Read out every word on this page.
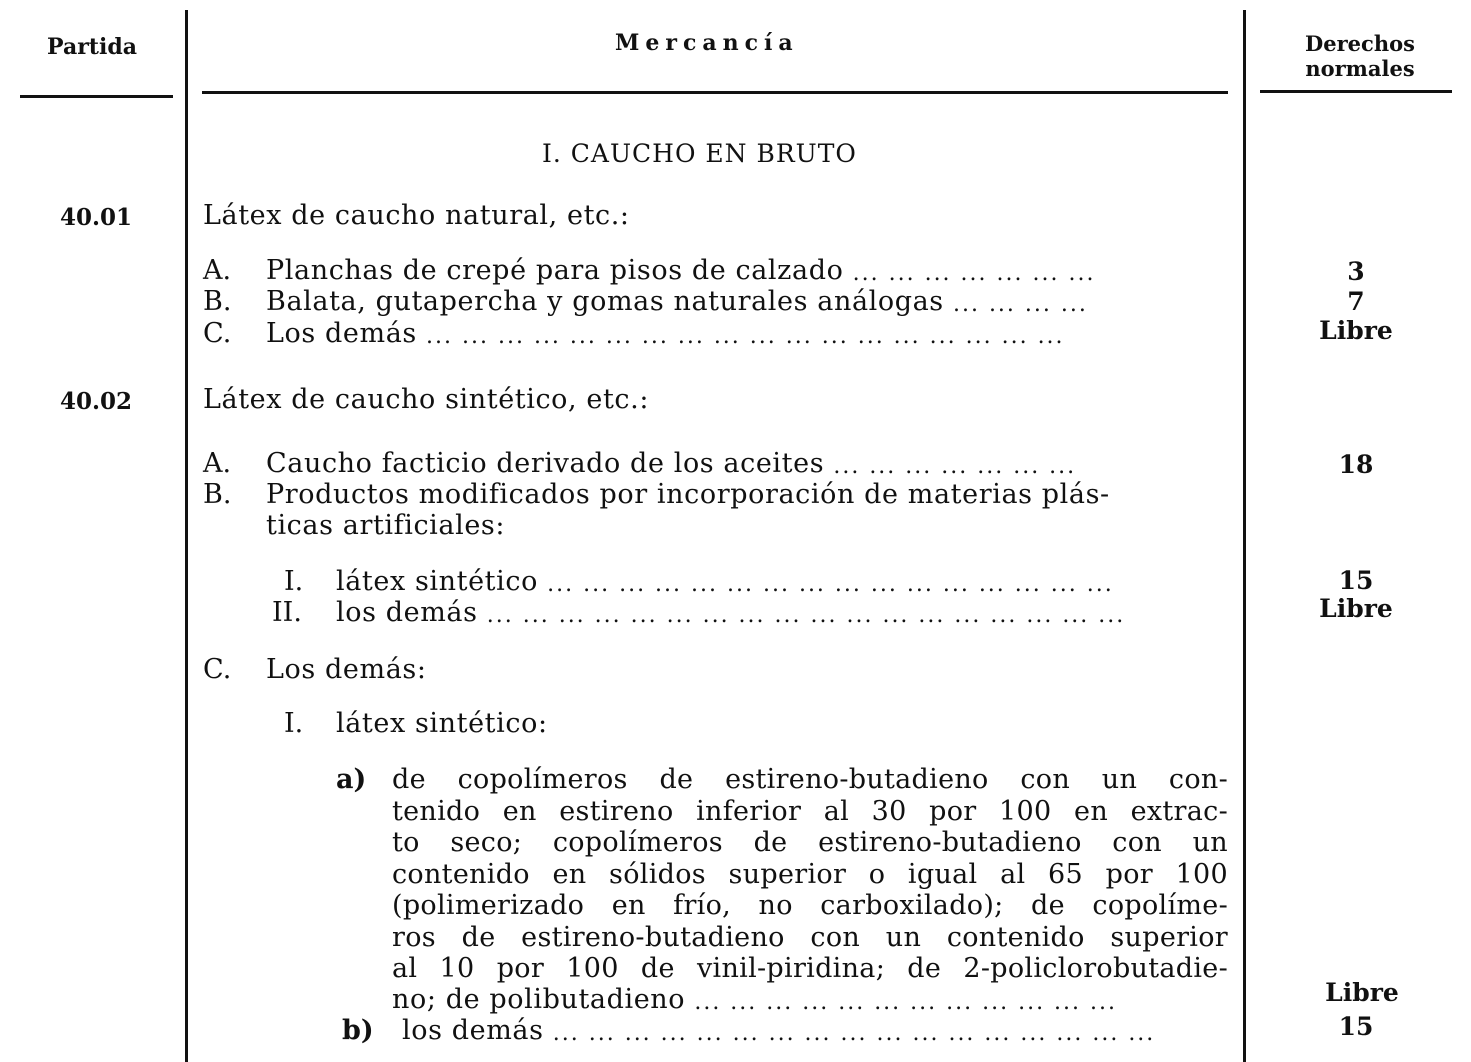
Partida	Mercancía	Derechos
normales
I. CAUCHO EN BRUTO
40.01	Látex de caucho natural, etc.:
A. Planchas de crepé para pisos de calzado ... ... ... ... ... ... ...	3
B. Balata, gutapercha y gomas naturales análogas ... ... ... ...	7
C. Los demás ... ... ... ... ... ... ... ... ... ... ... ... ... ... ... ... ... ...	Libre
40.02	Látex de caucho sintético, etc.:
A. Caucho facticio derivado de los aceites ... ... ... ... ... ... ...	18
B. Productos modificados por incorporación de materias plás-
ticas artificiales:
I. látex sintético ... ... ... ... ... ... ... ... ... ... ... ... ... ... ... ...	15
II. los demás ... ... ... ... ... ... ... ... ... ... ... ... ... ... ... ... ... ...	Libre
C. Los demás:
I. látex sintético:
a) de copolímeros de estireno-butadieno con un con-
tenido en estireno inferior al 30 por 100 en extrac-
to seco; copolímeros de estireno-butadieno con un
contenido en sólidos superior o igual al 65 por 100
(polimerizado en frío, no carboxilado); de copolíme-
ros de estireno-butadieno con un contenido superior
al 10 por 100 de vinil-piridina; de 2-policlorobutadie-
no; de polibutadieno ... ... ... ... ... ... ... ... ... ... ... ...	Libre
b) los demás ... ... ... ... ... ... ... ... ... ... ... ... ... ... ... ... ...	15
